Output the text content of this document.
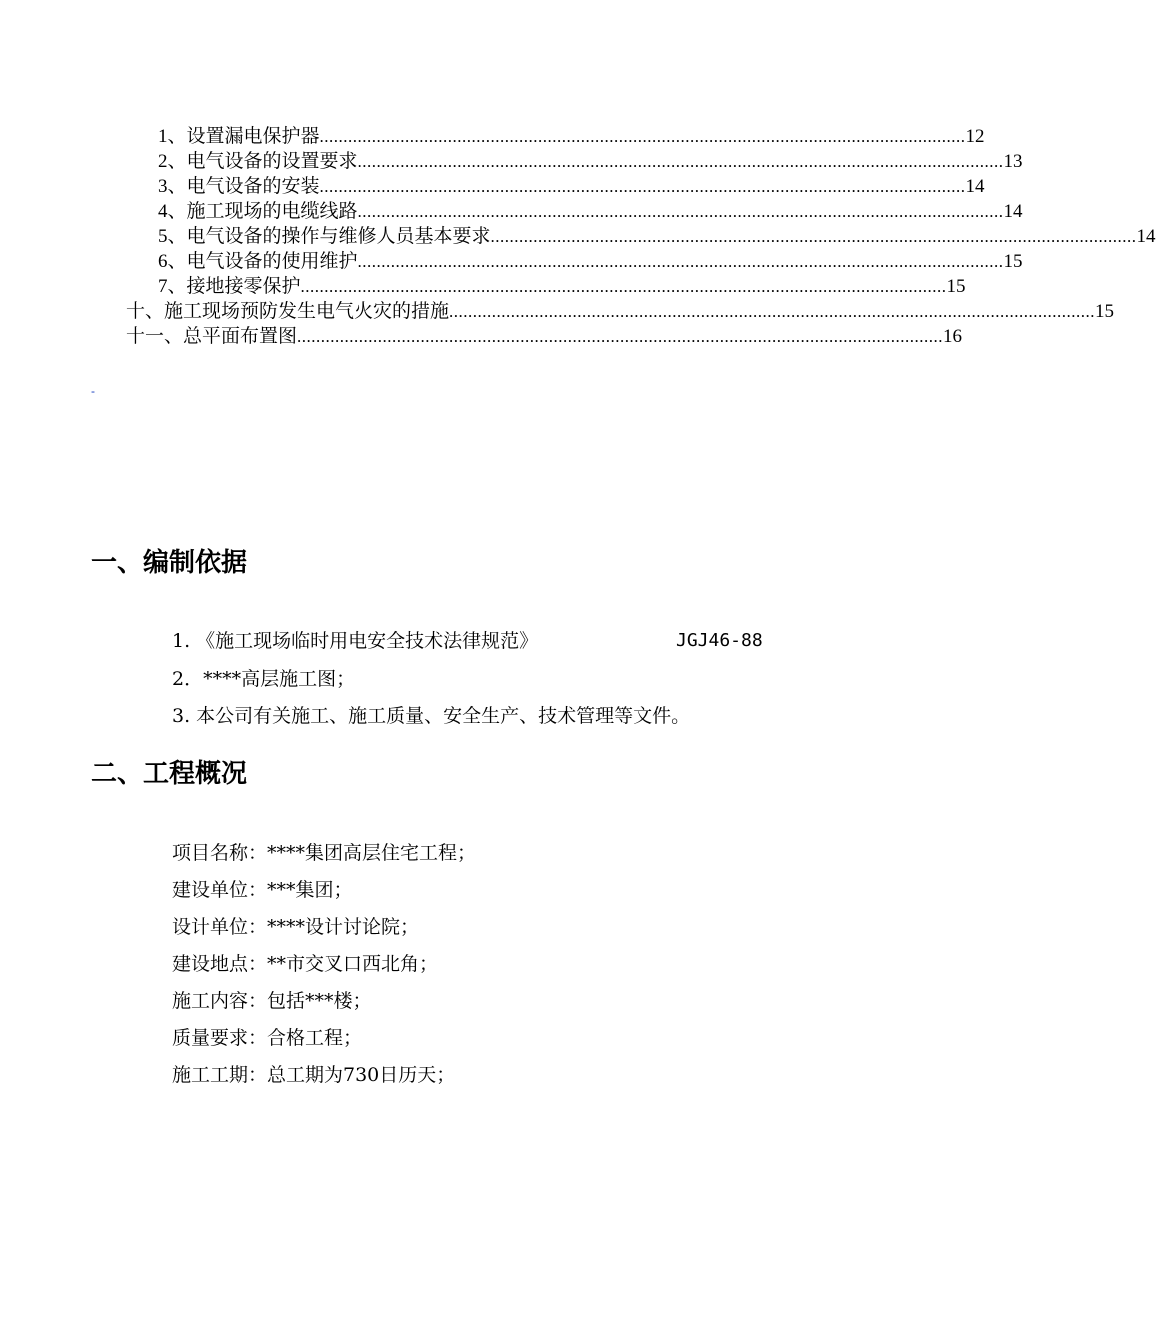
1、设置漏电保护器 ........................................................................................................................................ 12
2、电气设备的设置要求 ........................................................................................................................................ 13
3、电气设备的安装 ........................................................................................................................................ 14
4、施工现场的电缆线路 ........................................................................................................................................ 14
5、电气设备的操作与维修人员基本要求 ........................................................................................................................................ 14
6、电气设备的使用维护 ........................................................................................................................................ 15
7、接地接零保护 ........................................................................................................................................ 15
十、施工现场预防发生电气火灾的措施 ........................................................................................................................................ 15
十一、总平面布置图 ........................................................................................................................................ 16
-
一、编制依据
1. 《施工现场临时用电安全技术法律规范》	JGJ46-88
2．****高层施工图；
3. 本公司有关施工、施工质量、安全生产、技术管理等文件。
二、工程概况
项目名称：****集团高层住宅工程；
建设单位：***集团；
设计单位：****设计讨论院；
建设地点：**市交叉口西北角；
施工内容：包括***楼；
质量要求：合格工程；
施工工期：总工期为730日历天；
